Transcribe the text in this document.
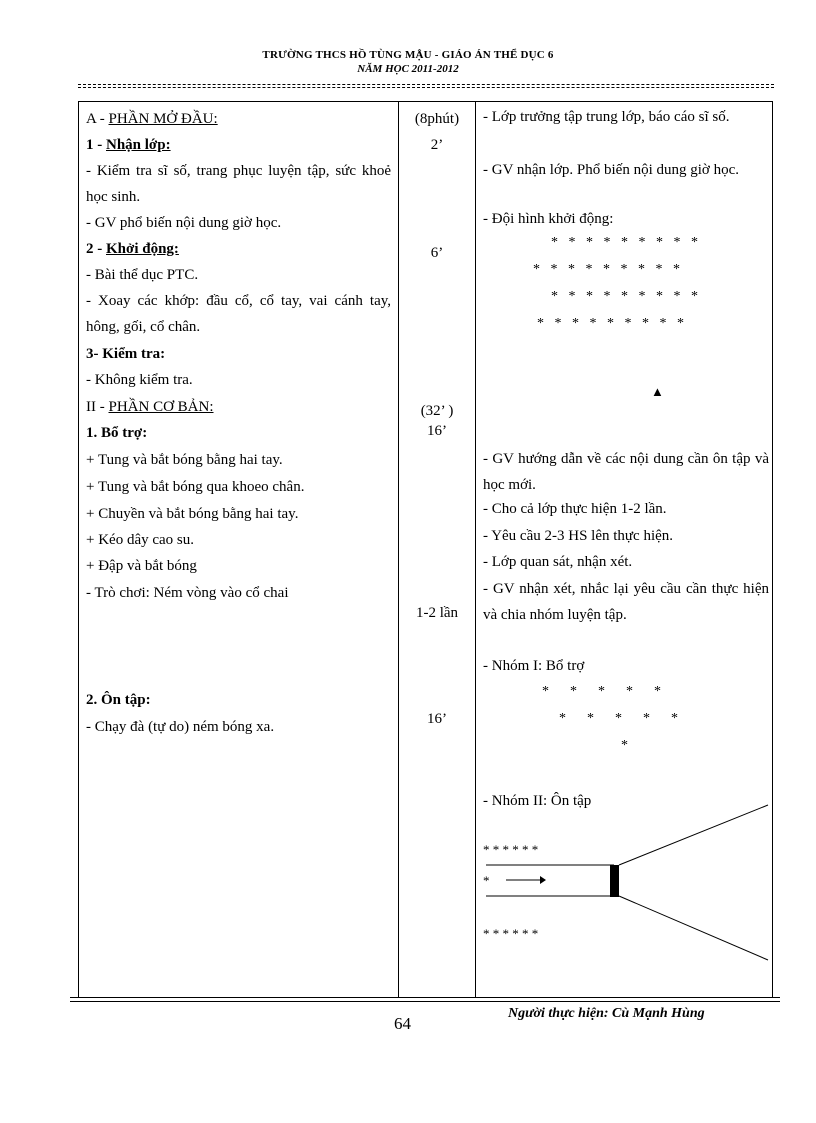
TRƯỜNG THCS HỒ TÙNG MẬU - GIÁO ÁN THỂ DỤC 6
NĂM HỌC 2011-2012
A - PHẦN MỞ ĐẦU:
1 - Nhận lớp:
- Kiểm tra sĩ số, trang phục luyện tập, sức khoẻ học sinh.
- GV phổ biến nội dung giờ học.
2 - Khởi động:
- Bài thể dục PTC.
- Xoay các khớp: đầu cổ, cổ tay, vai cánh tay, hông, gối, cổ chân.
3- Kiểm tra:
- Không kiểm tra.
II - PHẦN CƠ BẢN:
1. Bổ trợ:
+ Tung và bắt bóng bằng hai tay.
+ Tung và bắt bóng qua khoeo chân.
+ Chuyền và bắt bóng bằng hai tay.
+ Kéo dây cao su.
+ Đập và bắt bóng
- Trò chơi: Ném vòng vào cổ chai
2. Ôn tập:
- Chạy đà (tự do) ném bóng xa.
(8phút)
2’
6’
(32’ )
16’
1-2 lần
16’
- Lớp trưởng tập trung lớp, báo cáo sĩ số.
- GV nhận lớp. Phổ biến nội dung giờ học.
- Đội hình khởi động:
*   *   *   *   *   *   *   *   *
*   *   *   *   *   *   *   *   *
*   *   *   *   *   *   *   *   *
*   *   *   *   *   *   *   *   *
▲
- GV hướng dẫn về các nội dung cần ôn tập và học mới.
- Cho cả lớp thực hiện 1-2 lần.
- Yêu cầu 2-3 HS lên thực hiện.
- Lớp quan sát, nhận xét.
- GV nhận xét, nhắc lại yêu cầu cần thực hiện và chia nhóm luyện tập.
- Nhóm I: Bổ trợ
*      *      *      *      *
*      *      *      *      *
*
- Nhóm II: Ôn tập
* * * * * *
*
* * * * * *
Người thực hiện: Cù Mạnh Hùng
64
